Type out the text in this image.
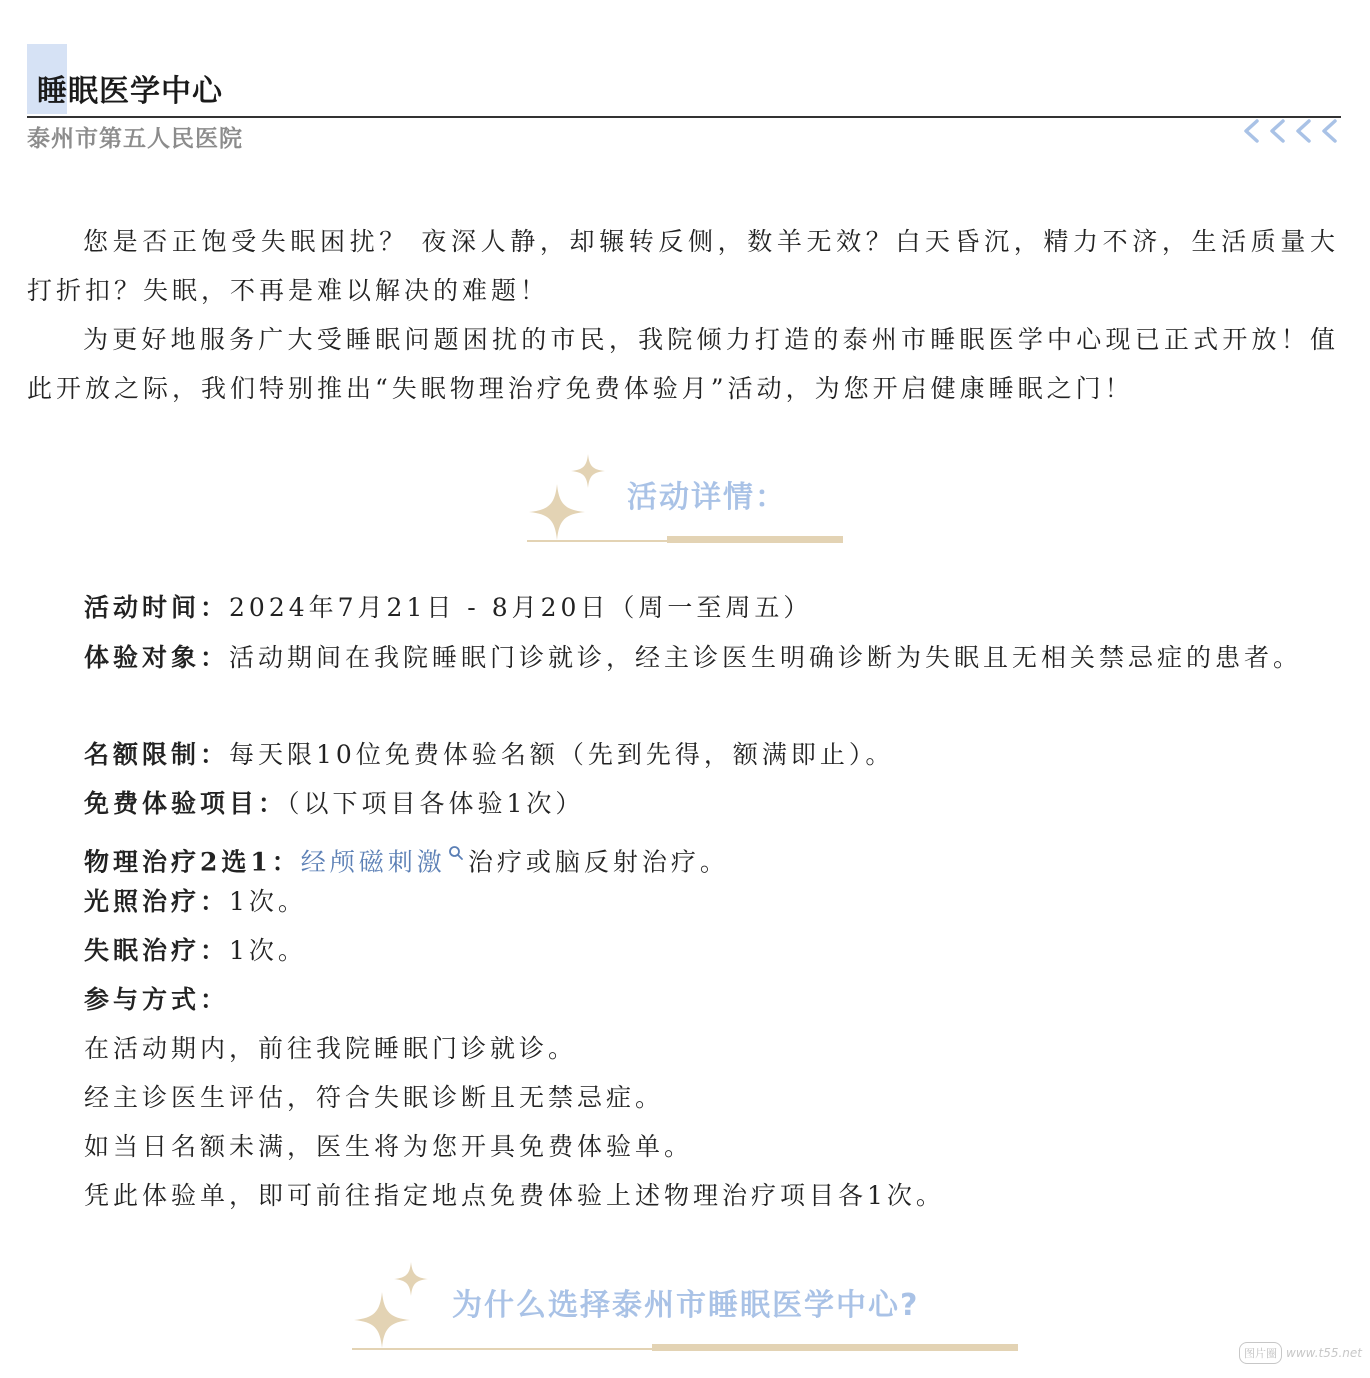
睡眠医学中心
泰州市第五人民医院

您是否正饱受失眠困扰？ 夜深人静，却辗转反侧，数羊无效？白天昏沉，精力不济，生活质量大打折扣？失眠，不再是难以解决的难题！

为更好地服务广大受睡眠问题困扰的市民，我院倾力打造的泰州市睡眠医学中心现已正式开放！值此开放之际，我们特别推出“失眠物理治疗免费体验月”活动，为您开启健康睡眠之门！

活动详情：
活动时间：2024年7月21日 - 8月20日（周一至周五）

体验对象：活动期间在我院睡眠门诊就诊，经主诊医生明确诊断为失眠且无相关禁忌症的患者。

名额限制：每天限10位免费体验名额（先到先得，额满即止）。
免费体验项目：（以下项目各体验1次）
物理治疗2选1：经颅磁刺激 治疗或脑反射治疗。
光照治疗：1次。
失眠治疗：1次。
参与方式：
在活动期内，前往我院睡眠门诊就诊。
经主诊医生评估，符合失眠诊断且无禁忌症。
如当日名额未满，医生将为您开具免费体验单。
凭此体验单，即可前往指定地点免费体验上述物理治疗项目各1次。
为什么选择泰州市睡眠医学中心?
图片圈 www.t55.net
